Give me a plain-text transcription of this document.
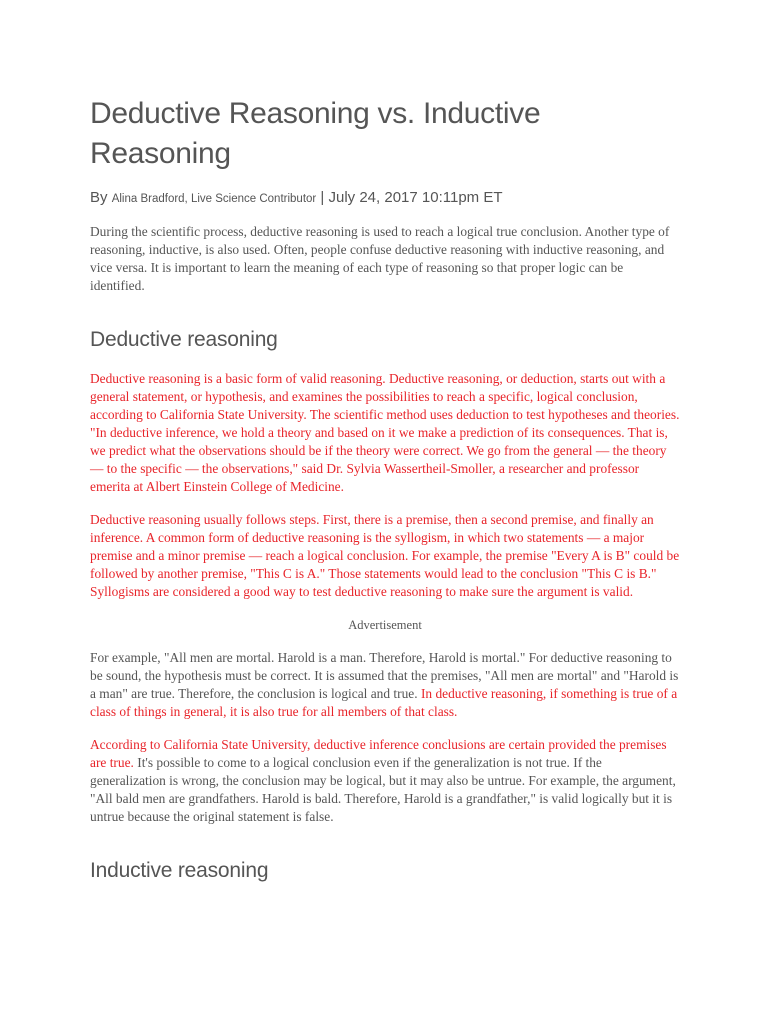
Deductive Reasoning vs. Inductive Reasoning
By Alina Bradford, Live Science Contributor | July 24, 2017 10:11pm ET

During the scientific process, deductive reasoning is used to reach a logical true conclusion. Another type of reasoning, inductive, is also used. Often, people confuse deductive reasoning with inductive reasoning, and vice versa. It is important to learn the meaning of each type of reasoning so that proper logic can be identified.

Deductive reasoning

Deductive reasoning is a basic form of valid reasoning. Deductive reasoning, or deduction, starts out with a general statement, or hypothesis, and examines the possibilities to reach a specific, logical conclusion, according to California State University. The scientific method uses deduction to test hypotheses and theories. "In deductive inference, we hold a theory and based on it we make a prediction of its consequences. That is, we predict what the observations should be if the theory were correct. We go from the general — the theory — to the specific — the observations," said Dr. Sylvia Wassertheil-Smoller, a researcher and professor emerita at Albert Einstein College of Medicine.

Deductive reasoning usually follows steps. First, there is a premise, then a second premise, and finally an inference. A common form of deductive reasoning is the syllogism, in which two statements — a major premise and a minor premise — reach a logical conclusion. For example, the premise "Every A is B" could be followed by another premise, "This C is A." Those statements would lead to the conclusion "This C is B." Syllogisms are considered a good way to test deductive reasoning to make sure the argument is valid.

Advertisement

For example, "All men are mortal. Harold is a man. Therefore, Harold is mortal." For deductive reasoning to be sound, the hypothesis must be correct. It is assumed that the premises, "All men are mortal" and "Harold is a man" are true. Therefore, the conclusion is logical and true. In deductive reasoning, if something is true of a class of things in general, it is also true for all members of that class.

According to California State University, deductive inference conclusions are certain provided the premises are true. It's possible to come to a logical conclusion even if the generalization is not true. If the generalization is wrong, the conclusion may be logical, but it may also be untrue. For example, the argument, "All bald men are grandfathers. Harold is bald. Therefore, Harold is a grandfather," is valid logically but it is untrue because the original statement is false.

Inductive reasoning
